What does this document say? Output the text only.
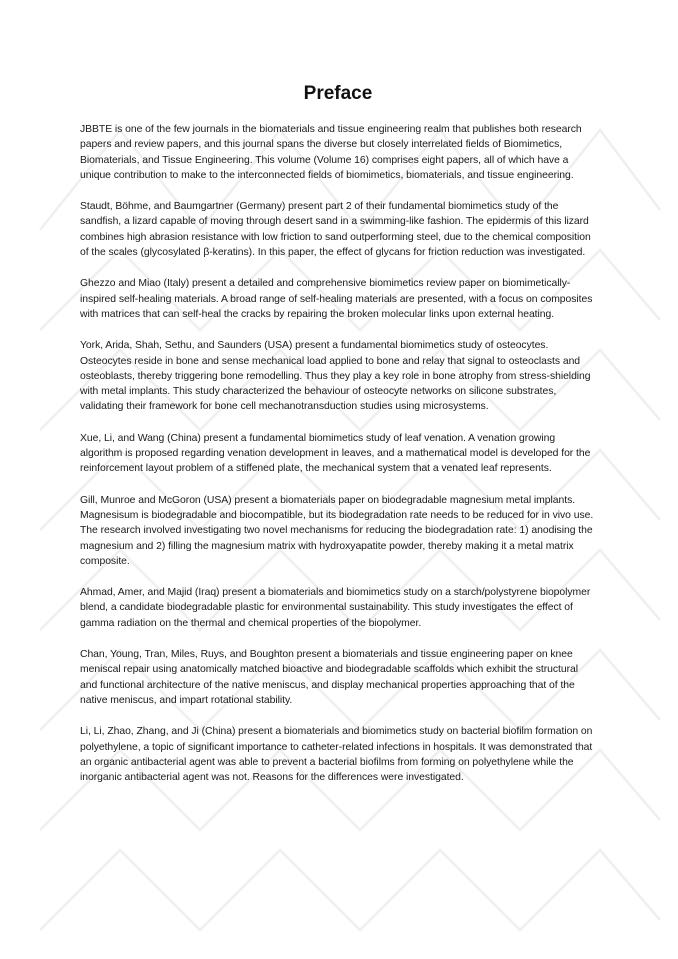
Preface

JBBTE is one of the few journals in the biomaterials and tissue engineering realm that publishes both research papers and review papers, and this journal spans the diverse but closely interrelated fields of Biomimetics, Biomaterials, and Tissue Engineering. This volume (Volume 16) comprises eight papers, all of which have a unique contribution to make to the interconnected fields of biomimetics, biomaterials, and tissue engineering.

Staudt, Böhme, and Baumgartner (Germany) present part 2 of their fundamental biomimetics study of the sandfish, a lizard capable of moving through desert sand in a swimming-like fashion. The epidermis of this lizard combines high abrasion resistance with low friction to sand outperforming steel, due to the chemical composition of the scales (glycosylated β-keratins). In this paper, the effect of glycans for friction reduction was investigated.

Ghezzo and Miao (Italy) present a detailed and comprehensive biomimetics review paper on biomimetically-inspired self-healing materials. A broad range of self-healing materials are presented, with a focus on composites with matrices that can self-heal the cracks by repairing the broken molecular links upon external heating.

York, Arida, Shah, Sethu, and Saunders (USA) present a fundamental biomimetics study of osteocytes. Osteocytes reside in bone and sense mechanical load applied to bone and relay that signal to osteoclasts and osteoblasts, thereby triggering bone remodelling. Thus they play a key role in bone atrophy from stress-shielding with metal implants. This study characterized the behaviour of osteocyte networks on silicone substrates, validating their framework for bone cell mechanotransduction studies using microsystems.

Xue, Li, and Wang (China) present a fundamental biomimetics study of leaf venation. A venation growing algorithm is proposed regarding venation development in leaves, and a mathematical model is developed for the reinforcement layout problem of a stiffened plate, the mechanical system that a venated leaf represents.

Gill, Munroe and McGoron (USA) present a biomaterials paper on biodegradable magnesium metal implants. Magnesisum is biodegradable and biocompatible, but its biodegradation rate needs to be reduced for in vivo use. The research involved investigating two novel mechanisms for reducing the biodegradation rate: 1) anodising the magnesium and 2) filling the magnesium matrix with hydroxyapatite powder, thereby making it a metal matrix composite.

Ahmad, Amer, and Majid (Iraq) present a biomaterials and biomimetics study on a starch/polystyrene biopolymer blend, a candidate biodegradable plastic for environmental sustainability. This study investigates the effect of gamma radiation on the thermal and chemical properties of the biopolymer.

Chan, Young, Tran, Miles, Ruys, and Boughton present a biomaterials and tissue engineering paper on knee meniscal repair using anatomically matched bioactive and biodegradable scaffolds which exhibit the structural and functional architecture of the native meniscus, and display mechanical properties approaching that of the native meniscus, and impart rotational stability.

Li, Li, Zhao, Zhang, and Ji (China) present a biomaterials and biomimetics study on bacterial biofilm formation on polyethylene, a topic of significant importance to catheter-related infections in hospitals. It was demonstrated that an organic antibacterial agent was able to prevent a bacterial biofilms from forming on polyethylene while the inorganic antibacterial agent was not. Reasons for the differences were investigated.
